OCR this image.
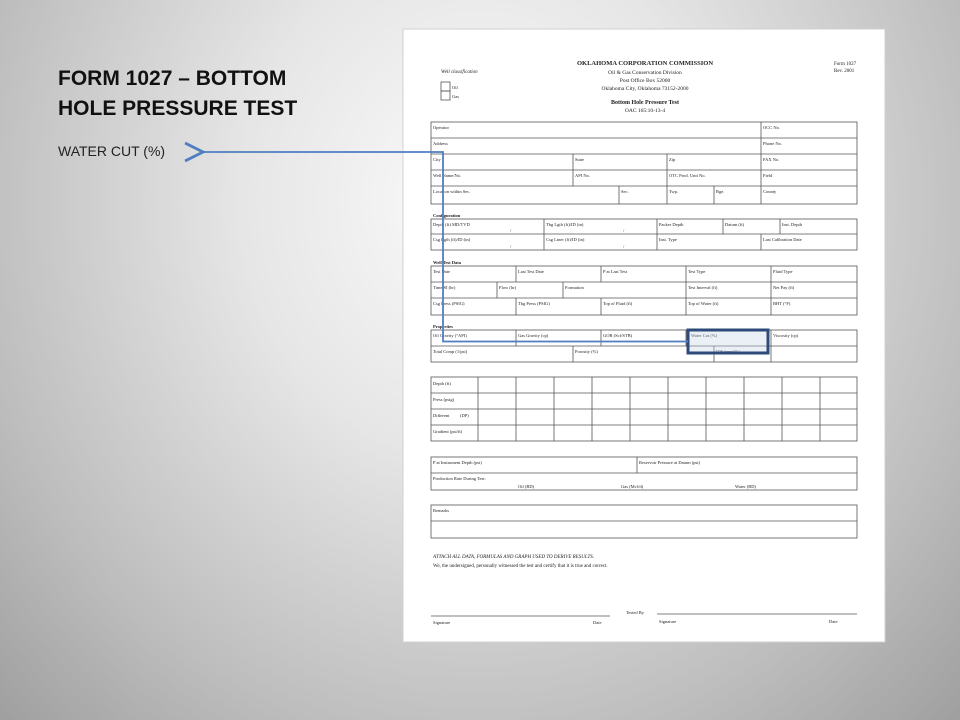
FORM 1027 – BOTTOM
HOLE PRESSURE TEST
WATER CUT (%)
OKLAHOMA CORPORATION COMMISSION
Oil & Gas Conservation Division
Post Office Box 52000
Oklahoma City, Oklahoma 73152-2000
Bottom Hole Pressure Test
OAC 165:10-13-4
Form 1027
Rev. 2001
Well classification
Oil
Gas
Operator	OCC No.
Address	Phone No.
City	State	Zip	FAX No.
Well Name/No.	API No.	OTC Prod. Unit No.	Field
Location within Sec.	Sec.	Twp.	Rge.	County
Configuration
Depth (ft) MD/TVD	Tbg Lgth (ft)/ID (in)	Packer Depth	Datum (ft)	Inst. Depth
Csg Lgth (ft)/ID (in)	Csg Liner (ft)/ID (in)	Inst. Type	Last Calibration Date
/	/
/	/
Well Test Data
Test Date	Last Test Date	P at Last Test	Test Type	Fluid Type
Time SI (hr)	Flow (hr)	Formation	Test Interval (ft)	Net Pay (ft)
Csg Press (PSIG)	Tbg Press (PSIG)	Top of Fluid (ft)	Top of Water (ft)	BHT (°F)
Properties
Oil Gravity (°API)	Gas Gravity (cp)	GOR (Scf/STB)	Water Cut (%)	Viscosity (cp)
Total Comp (1/psi)	Porosity (%)	H2S (ppm)(%)
Depth (ft)
Press (psig)
Different (DP)
Gradient (psi/ft)
P at Instrument Depth (psi)	Reservoir Pressure at Datum (psi)
Production Rate During Test:
Oil (BD)	Gas (Mcf/d)	Water (BD)
Remarks
ATTACH ALL DATA, FORMULAS AND GRAPH USED TO DERIVE RESULTS.
We, the undersigned, personally witnessed the test and certify that it is true and correct.
Tested By
Signature	Date	Signature	Date
